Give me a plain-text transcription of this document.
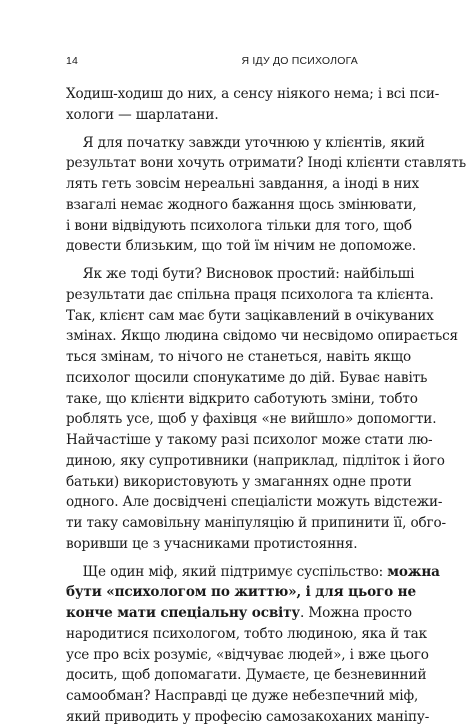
14	Я ІДУ ДО ПСИХОЛОГА
Ходиш-ходиш до них, а сенсу ніякого нема; і всі пси-
хологи — шарлатани.
Я для початку завжди уточнюю у клієнтів, який
результат вони хочуть отримати? Іноді клієнти ставлять
лять геть зовсім нереальні завдання, а іноді в них
взагалі немає жодного бажання щось змінювати,
і вони відвідують психолога тільки для того, щоб
довести близьким, що той їм нічим не допоможе.
Як же тоді бути? Висновок простий: найбільші
результати дає спільна праця психолога та клієнта.
Так, клієнт сам має бути зацікавлений в очікуваних
змінах. Якщо людина свідомо чи несвідомо опирається
ться змінам, то нічого не станеться, навіть якщо
психолог щосили спонукатиме до дій. Буває навіть
таке, що клієнти відкрито саботують зміни, тобто
роблять усе, щоб у фахівця «не вийшло» допомогти.
Найчастіше у такому разі психолог може стати лю-
диною, яку супротивники (наприклад, підліток і його
батьки) використовують у змаганнях одне проти
одного. Але досвідчені спеціалісти можуть відстежи-
ти таку самовільну маніпуляцію й припинити її, обго-
воривши це з учасниками протистояння.
Ще один міф, який підтримує суспільство: можна
бути «психологом по життю», і для цього не
конче мати спеціальну освіту. Можна просто
народитися психологом, тобто людиною, яка й так
усе про всіх розуміє, «відчуває людей», і вже цього
досить, щоб допомагати. Думаєте, це безневинний
самообман? Насправді це дуже небезпечний міф,
який приводить у професію самозакоханих маніпу-
